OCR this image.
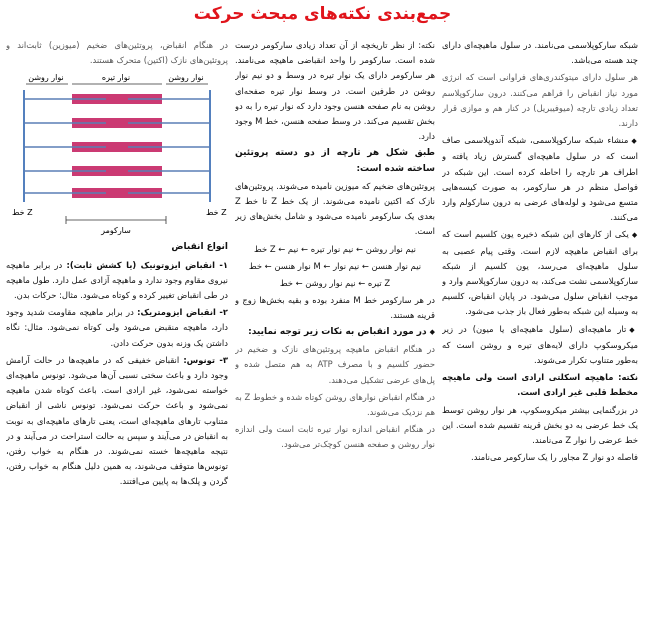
جمع‌بندی نکته‌های مبحث حرکت

شبکه سارکوپلاسمی می‌نامند. در سلول ماهیچه‌ای دارای چند هسته می‌باشد.

هر سلول دارای میتوکندری‌های فراوانی است که انرژی مورد نیاز انقباض را فراهم می‌کنند. درون سارکوپلاسم تعداد زیادی تارچه (میوفیبریل) در کنار هم و موازی قرار دارند.

◆ منشاء شبکه سارکوپلاسمی، شبکه آندوپلاسمی صاف است که در سلول ماهیچه‌ای گسترش زیاد یافته و اطراف هر تارچه را احاطه کرده است. این شبکه در فواصل منظم در هر سارکومر، به صورت کیسه‌هایی متسع می‌شود و لوله‌های عرضی به درون سارکولم وارد می‌کنند.

◆ یکی از کارهای این شبکه ذخیره یون کلسیم است که برای انقباض ماهیچه لازم است. وقتی پیام عصبی به سلول ماهیچه‌ای می‌رسد، یون کلسیم از شبکه سارکوپلاسمی نشت می‌کند، به درون سارکوپلاسم وارد و موجب انقباض سلول می‌شود. در پایان انقباض، کلسیم به وسیله این شبکه به‌طور فعال باز جذب می‌شود.

◆ تار ماهیچه‌ای (سلول ماهیچه‌ای یا میون) در زیر میکروسکوپ دارای لایه‌های تیره و روشن است که به‌طور متناوب تکرار می‌شوند.

نکته: ماهیچه اسکلتی ارادی است ولی ماهیچه مخطط قلبی غیر ارادی است.

در بزرگنمایی بیشتر میکروسکوپ، هر نوار روشن توسط یک خط عرضی به دو بخش قرینه تقسیم شده است. این خط عرضی را نوار Z می‌نامند.

فاصله دو نوار Z مجاور را یک سارکومر می‌نامند.

نکته: از نظر تاریخچه از آن تعداد زیادی سارکومر درست شده است. سارکومر را واحد انقباضی ماهیچه می‌نامند. هر سارکومر دارای یک نوار تیره در وسط و دو نیم نوار روشن در طرفین است. در وسط نوار تیره صفحه‌ای روشن به نام صفحه هنسن وجود دارد که نوار تیره را به دو بخش تقسیم می‌کند. در وسط صفحه هنسن، خط M وجود دارد.

طبق شکل هر تارچه از دو دسته پروتئین ساخته شده است:

پروتئین‌های ضخیم که میوزین نامیده می‌شوند. پروتئین‌های نازک که اکتین نامیده می‌شوند. از یک خط Z تا خط Z بعدی یک سارکومر نامیده می‌شود و شامل بخش‌های زیر است.

خط Z ← نیم نوار روشن ← نیم نوار تیره ← نیم

نوار هنسن ← خط M ← نیم نوار هنسن ← نیم نوار

تیره ← نیم نوار روشن ← خط Z

در هر سارکومر خط M منفرد بوده و بقیه بخش‌ها زوج و قرینه هستند.

◆ در مورد انقباض به نکات زیر توجه نمایید:

در هنگام انقباض ماهیچه پروتئین‌های نازک و ضخیم در حضور کلسیم و با مصرف ATP به هم متصل شده و پل‌های عرضی تشکیل می‌دهند.

در هنگام انقباض نوارهای روشن کوتاه شده و خطوط Z به هم نزدیک می‌شوند.

در هنگام انقباض اندازه نوار تیره ثابت است ولی اندازه نوار روشن و صفحه هنسن کوچک‌تر می‌شود.

در هنگام انقباض، پروتئین‌های ضخیم (میوزین) ثابت‌اند و پروتئین‌های نازک (اکتین) متحرک هستند.

نوار روشن	نوار تیره	نوار روشن
خط Z	خط Z
سارکومر

انواع انقباض

۱- انقباض ایزوتونیک (یا کشش ثابت): در برابر ماهیچه نیروی مقاوم وجود ندارد و ماهیچه آزادی عمل دارد. طول ماهیچه در طی انقباض تغییر کرده و کوتاه می‌شود. مثال: حرکات بدن.

۲- انقباض ایزومتریک: در برابر ماهیچه مقاومت شدید وجود دارد، ماهیچه منقبض می‌شود ولی کوتاه نمی‌شود. مثال: نگاه داشتن یک وزنه بدون حرکت دادن.

۳- تونوس: انقباض خفیفی که در ماهیچه‌ها در حالت آرامش وجود دارد و باعث سختی نسبی آن‌ها می‌شود. تونوس ماهیچه‌ای خواسته نمی‌شود، غیر ارادی است. باعث کوتاه شدن ماهیچه نمی‌شود و باعث حرکت نمی‌شود. تونوس ناشی از انقباض متناوب تارهای ماهیچه‌ای است، یعنی تارهای ماهیچه‌ای به نوبت به انقباض در می‌آیند و سپس به حالت استراحت در می‌آیند و در نتیجه ماهیچه‌ها خسته نمی‌شوند. در هنگام به خواب رفتن، تونوس‌ها متوقف می‌شوند، به همین دلیل هنگام به خواب رفتن، گردن و پلک‌ها به پایین می‌افتند.
